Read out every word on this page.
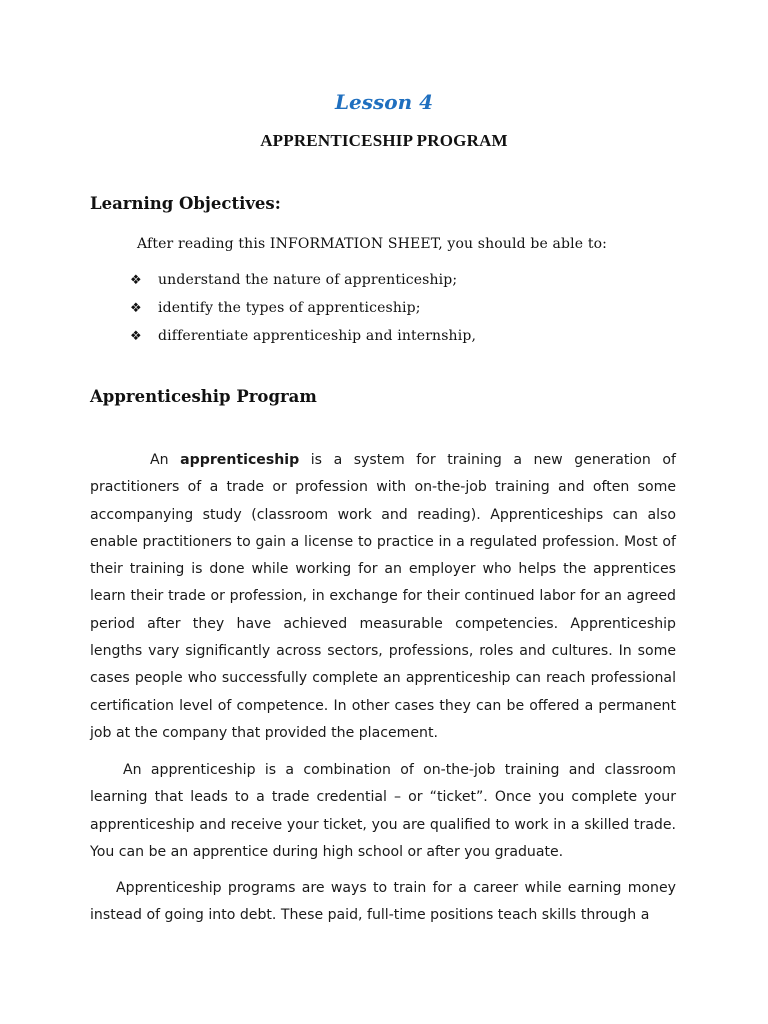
Lesson 4
APPRENTICESHIP PROGRAM
Learning Objectives:
After reading this INFORMATION SHEET, you should be able to:
❖ understand the nature of apprenticeship;
❖ identify the types of apprenticeship;
❖ differentiate apprenticeship and internship,
Apprenticeship Program

An apprenticeship is a system for training a new generation of practitioners of a trade or profession with on-the-job training and often some accompanying study (classroom work and reading). Apprenticeships can also enable practitioners to gain a license to practice in a regulated profession. Most of their training is done while working for an employer who helps the apprentices learn their trade or profession, in exchange for their continued labor for an agreed period after they have achieved measurable competencies. Apprenticeship lengths vary significantly across sectors, professions, roles and cultures. In some cases people who successfully complete an apprenticeship can reach professional certification level of competence. In other cases they can be offered a permanent job at the company that provided the placement.

An apprenticeship is a combination of on-the-job training and classroom learning that leads to a trade credential – or “ticket”. Once you complete your apprenticeship and receive your ticket, you are qualified to work in a skilled trade. You can be an apprentice during high school or after you graduate.

Apprenticeship programs are ways to train for a career while earning money instead of going into debt. These paid, full-time positions teach skills through a
